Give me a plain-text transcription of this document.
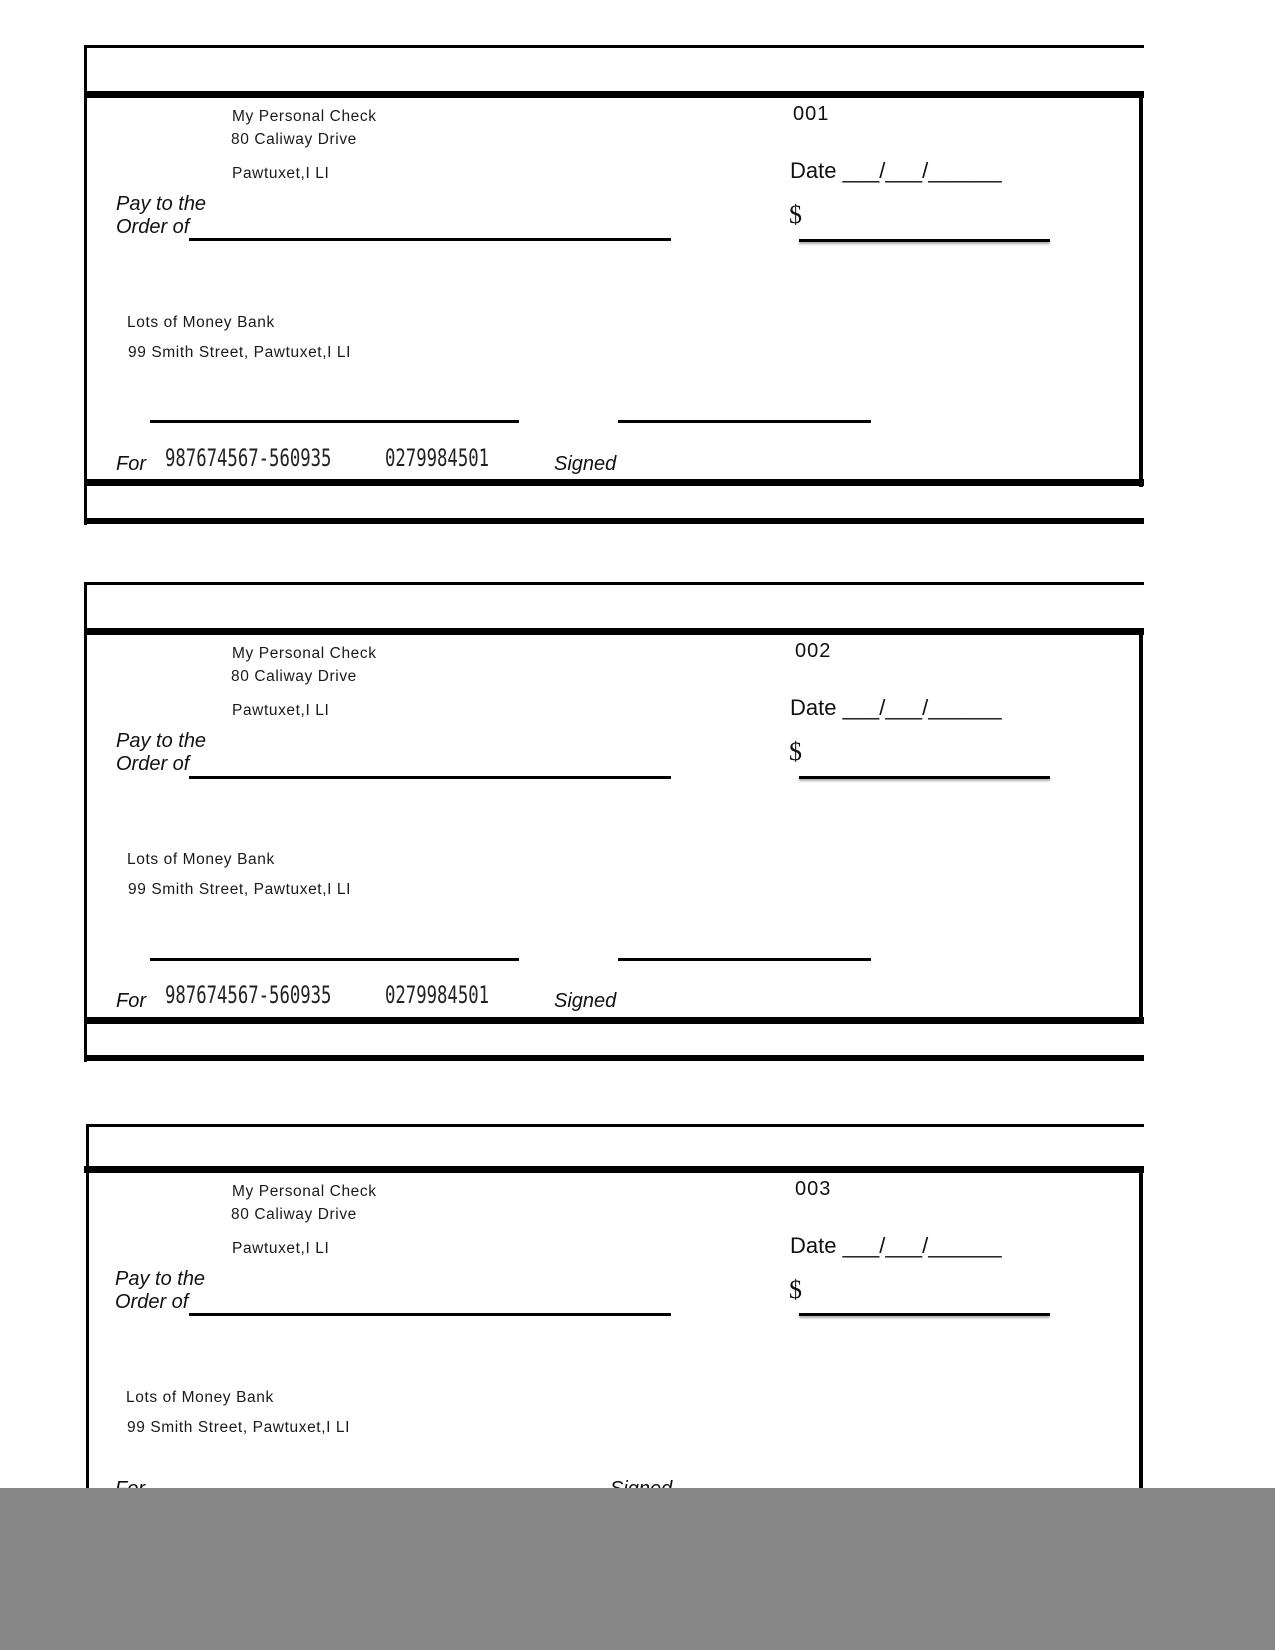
My Personal Check
80 Caliway Drive
Pawtuxet,I LI
001
Date ___/___/______
$
Pay to the
Order of
Lots of Money Bank
99 Smith Street, Pawtuxet,I LI
For 987674567-560935 0279984501	Signed
My Personal Check
80 Caliway Drive
Pawtuxet,I LI
002
Date ___/___/______
$
Pay to the
Order of
Lots of Money Bank
99 Smith Street, Pawtuxet,I LI
For 987674567-560935 0279984501	Signed
My Personal Check
80 Caliway Drive
Pawtuxet,I LI
003
Date ___/___/______
$
Pay to the
Order of
Lots of Money Bank
99 Smith Street, Pawtuxet,I LI
